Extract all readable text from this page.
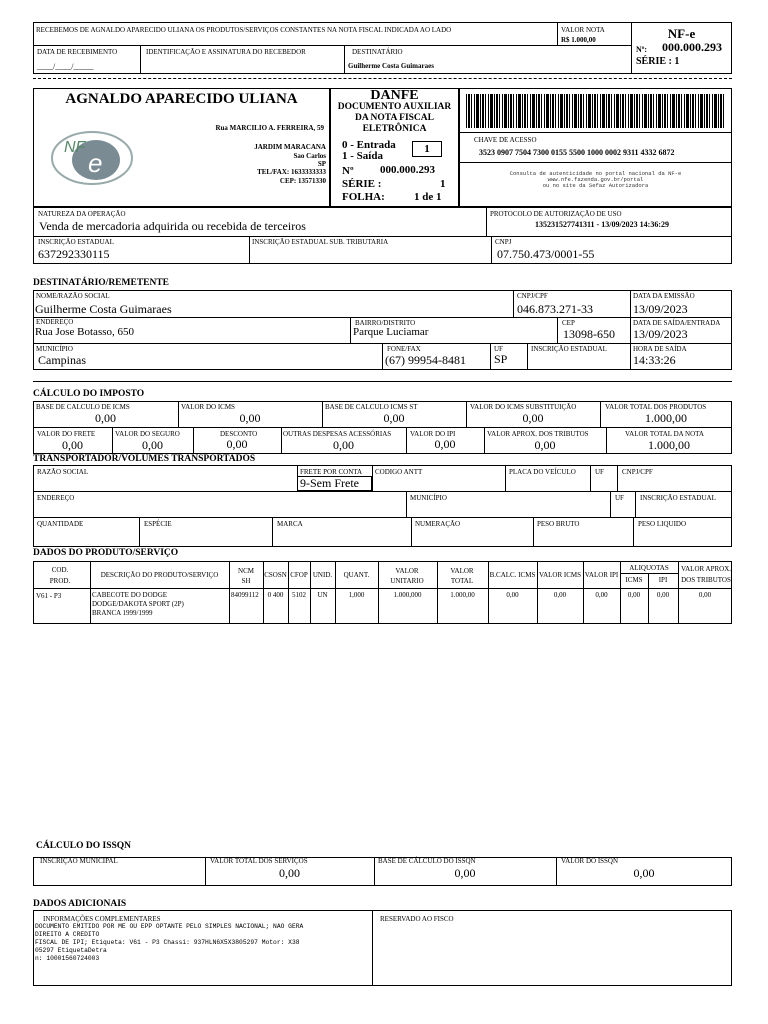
RECEBEMOS DE AGNALDO APARECIDO ULIANA OS PRODUTOS/SERVIÇOS CONSTANTES NA NOTA FISCAL INDICADA AO LADO	VALOR NOTA
R$ 1.000,00
DATA DE RECEBIMENTO
____/____/_____
IDENTIFICAÇÃO E ASSINATURA DO RECEBEDOR	DESTINATÁRIO
Guilherme Costa Guimaraes
NF-e
Nº: 000.000.293
SÉRIE : 1
AGNALDO APARECIDO ULIANA
NF
e
Rua MARCILIO A. FERREIRA, 59
JARDIM MARACANA
Sao Carlos
SP
TEL/FAX: 1633333333
CEP: 13571330
DANFE
DOCUMENTO AUXILIAR DA NOTA FISCAL ELETRÔNICA
0 - Entrada
1 - Saída
1
Nº 000.000.293
SÉRIE :	1
FOLHA:	1 de 1
CHAVE DE ACESSO
3523 0907 7504 7300 0155 5500 1000 0002 9311 4332 6872
Consulta de autenticidade no portal nacional da NF-e
www.nfe.fazenda.gov.br/portal
ou no site da Sefaz Autorizadora
NATUREZA DA OPERAÇÃO
Venda de mercadoria adquirida ou recebida de terceiros
PROTOCOLO DE AUTORIZAÇÃO DE USO
135231527741311 - 13/09/2023 14:36:29
INSCRIÇÃO ESTADUAL
637292330115
INSCRIÇÃO ESTADUAL SUB. TRIBUTARIA	CNPJ
07.750.473/0001-55
DESTINATÁRIO/REMETENTE
NOME/RAZÃO SOCIAL
Guilherme Costa Guimaraes
CNPJ/CPF
046.873.271-33
DATA DA EMISSÃO
13/09/2023
ENDEREÇO
Rua Jose Botasso, 650
BAIRRO/DISTRITO
Parque Luciamar
CEP
13098-650
DATA DE SAÍDA/ENTRADA
13/09/2023
MUNICÍPIO
Campinas
FONE/FAX
(67) 99954-8481
UF
SP
INSCRIÇÃO ESTADUAL	HORA DE SAÍDA
14:33:26
CÁLCULO DO IMPOSTO
BASE DE CALCULO DE ICMS
0,00
VALOR DO ICMS
0,00
BASE DE CALCULO ICMS ST
0,00
VALOR DO ICMS SUBSTITUIÇÃO
0,00
VALOR TOTAL DOS PRODUTOS
1.000,00
VALOR DO FRETE
0,00
VALOR DO SEGURO
0,00
DESCONTO
0,00
OUTRAS DESPESAS ACESSÓRIAS
0,00
VALOR DO IPI
0,00
VALOR APROX. DOS TRIBUTOS
0,00
VALOR TOTAL DA NOTA
1.000,00
TRANSPORTADOR/VOLUMES TRANSPORTADOS
RAZÃO SOCIAL	FRETE POR CONTA
9-Sem Frete
CODIGO ANTT	PLACA DO VEÍCULO	UF	CNPJ/CPF
ENDEREÇO	MUNICÍPIO	UF INSCRIÇÃO ESTADUAL
QUANTIDADE	ESPÉCIE	MARCA	NUMERAÇÃO	PESO BRUTO	PESO LIQUIDO
DADOS DO PRODUTO/SERVIÇO
COD. PROD.
DESCRIÇÃO DO PRODUTO/SERVIÇO	NCM SH
CSOSN CFOP UNID.	QUANT.	VALOR UNITARIO
VALOR TOTAL
B.CALC. ICMS VALOR ICMS VALOR IPI
ALIQUOTAS
ICMS	IPI
VALOR APROX. DOS TRIBUTOS
V61 - P3	CABECOTE DO DODGE
DODGE/DAKOTA SPORT (2P)
BRANCA 1999/1999
84099112	0 400	5102	UN	1,000	1.000,000	1.000,00	0,00	0,00	0,00	0,00	0,00	0,00
CÁLCULO DO ISSQN
INSCRIÇÃO MUNICIPAL	VALOR TOTAL DOS SERVIÇOS
0,00
BASE DE CÁLCULO DO ISSQN
0,00
VALOR DO ISSQN
0,00
DADOS ADICIONAIS
INFORMAÇÕES COMPLEMENTARES
DOCUMENTO EMITIDO POR ME OU EPP OPTANTE PELO SIMPLES NACIONAL; NAO GERA
DIREITO A CREDITO
FISCAL DE IPI; Etiqueta: V61 - P3 Chassi: 937HLN6X5X3805297 Motor: X38
05297 EtiquetaDetra
n: 10001560724003
RESERVADO AO FISCO
